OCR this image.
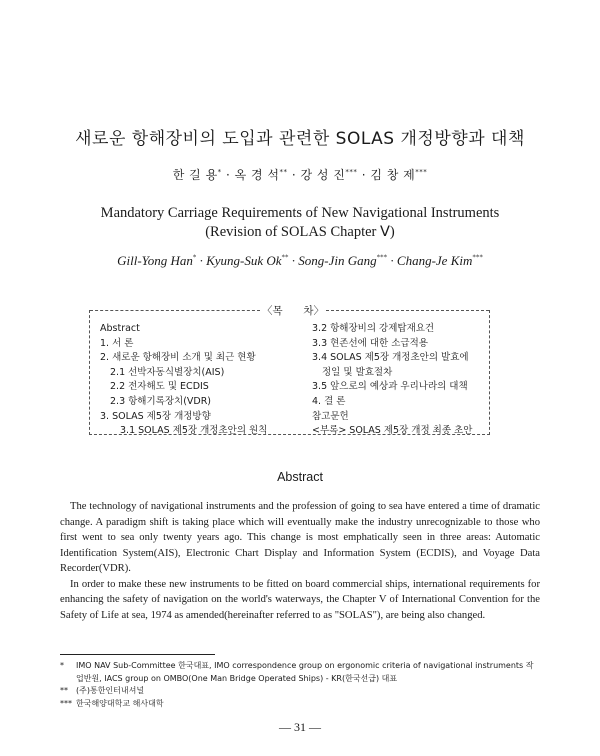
새로운 항해장비의 도입과 관련한 SOLAS 개정방향과 대책
한 길 용* · 옥 경 석** · 강 성 진*** · 김 창 제***
Mandatory Carriage Requirements of New Navigational Instruments
(Revision of SOLAS Chapter Ⅴ)
Gill-Yong Han* · Kyung-Suk Ok** · Song-Jin Gang*** · Chang-Je Kim***
〈목 차〉
Abstract
1. 서 론
2. 새로운 항해장비 소개 및 최근 현황
2.1 선박자동식별장치(AIS)
2.2 전자해도 및 ECDIS
2.3 항해기록장치(VDR)
3. SOLAS 제5장 개정방향
3.1 SOLAS 제5장 개정초안의 원칙
3.2 항해장비의 강제탑재요건
3.3 현존선에 대한 소급적용
3.4 SOLAS 제5장 개정초안의 발효에
정일 및 발효절차
3.5 앞으로의 예상과 우리나라의 대책
4. 결 론
참고문헌
<부록> SOLAS 제5장 개정 최종 초안
Abstract

The technology of navigational instruments and the profession of going to sea have entered a time of dramatic change. A paradigm shift is taking place which will eventually make the industry unrecognizable to those who first went to sea only twenty years ago. This change is most emphatically seen in three areas: Automatic Identification System(AIS), Electronic Chart Display and Information System (ECDIS), and Voyage Data Recorder(VDR).

In order to make these new instruments to be fitted on board commercial ships, international requirements for enhancing the safety of navigation on the world's waterways, the Chapter V of International Convention for the Safety of Life at sea, 1974 as amended(hereinafter referred to as "SOLAS"), are being also changed.

*	IMO NAV Sub-Committee 한국대표, IMO correspondence group on ergonomic criteria of navigational instruments 작업반원, IACS group on OMBO(One Man Bridge Operated Ships) - KR(한국선급) 대표
**	(주)통한인터내셔널
*** 한국해양대학교 해사대학
— 31 —
